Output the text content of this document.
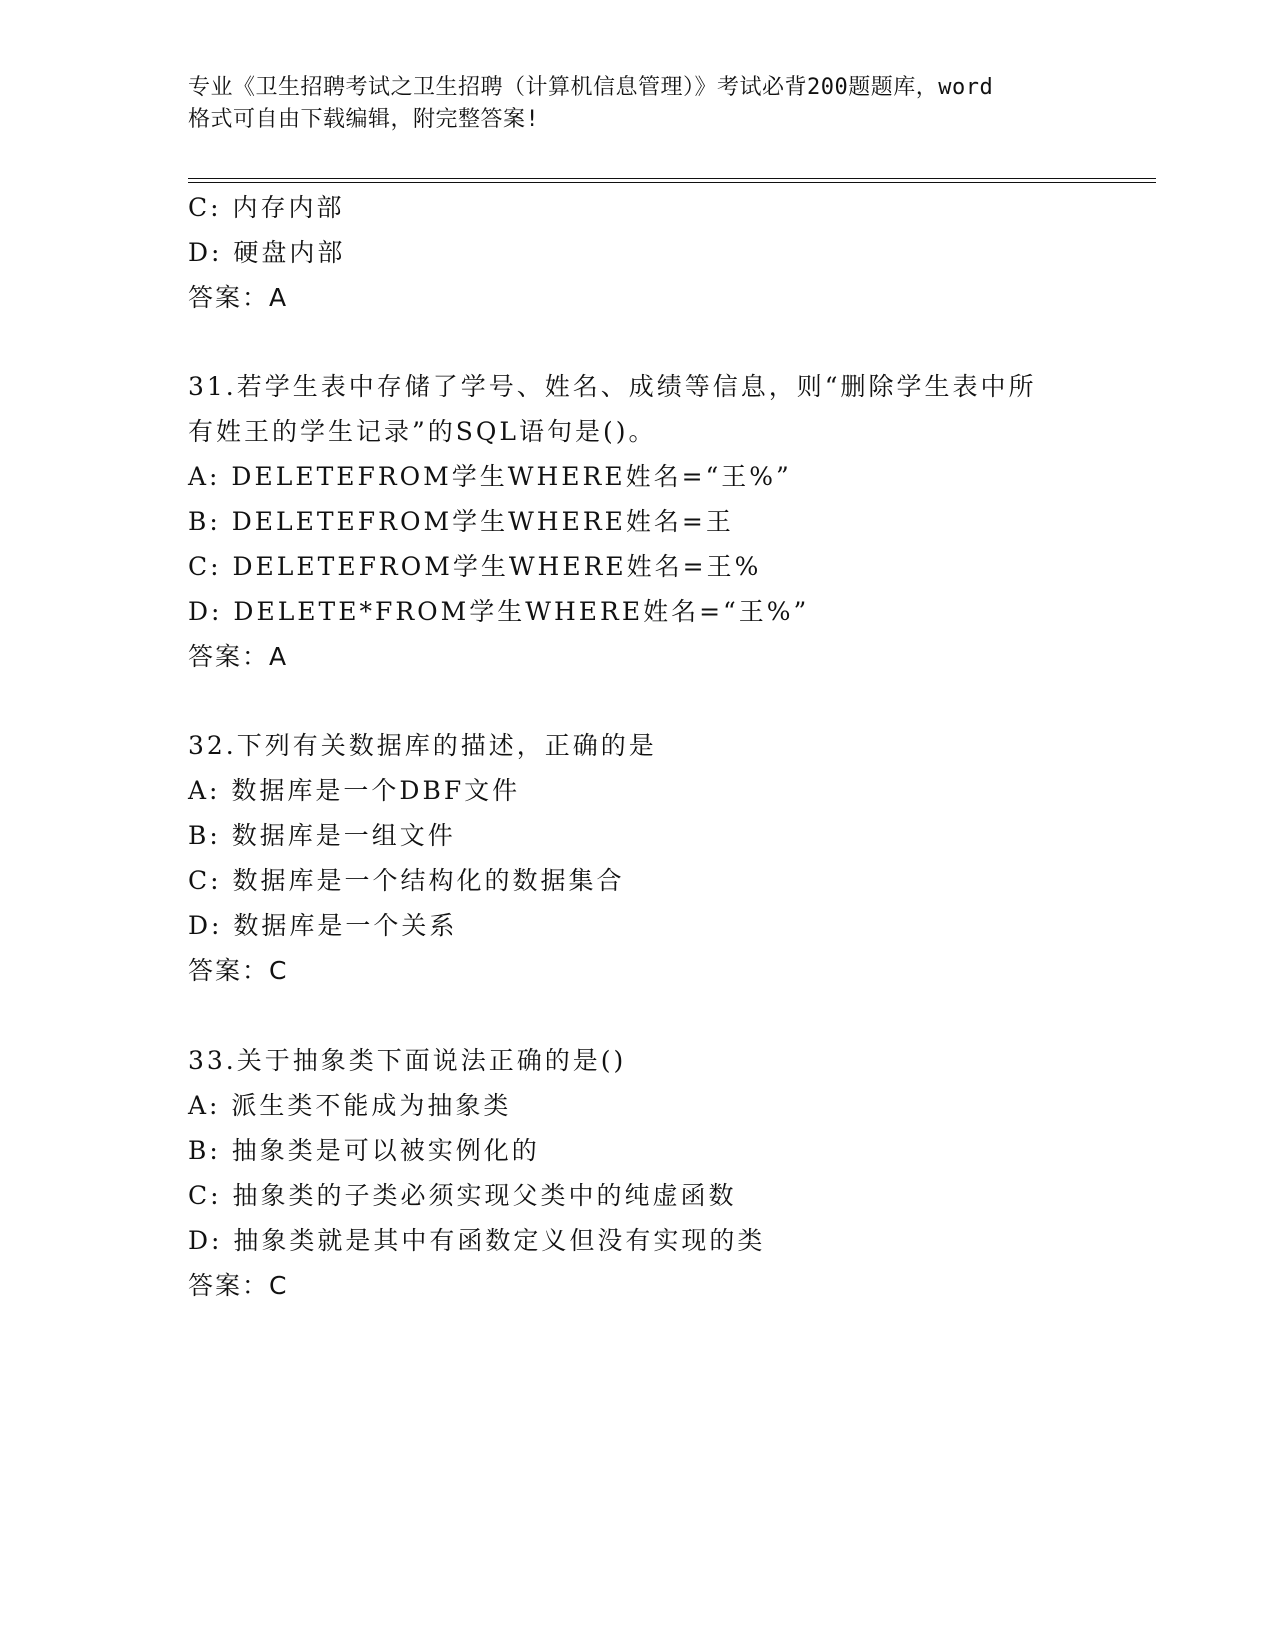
专业《卫生招聘考试之卫生招聘（计算机信息管理）》考试必背200题题库，word
格式可自由下载编辑，附完整答案!
C: 内存内部
D: 硬盘内部
答案：A
31.若学生表中存储了学号、姓名、成绩等信息，则“删除学生表中所
有姓王的学生记录”的SQL语句是()。
A: DELETEFROM学生WHERE姓名=“王%”
B: DELETEFROM学生WHERE姓名=王
C: DELETEFROM学生WHERE姓名=王%
D: DELETE*FROM学生WHERE姓名=“王%”
答案：A
32.下列有关数据库的描述，正确的是
A: 数据库是一个DBF文件
B: 数据库是一组文件
C: 数据库是一个结构化的数据集合
D: 数据库是一个关系
答案：C
33.关于抽象类下面说法正确的是()
A: 派生类不能成为抽象类
B: 抽象类是可以被实例化的
C: 抽象类的子类必须实现父类中的纯虚函数
D: 抽象类就是其中有函数定义但没有实现的类
答案：C
